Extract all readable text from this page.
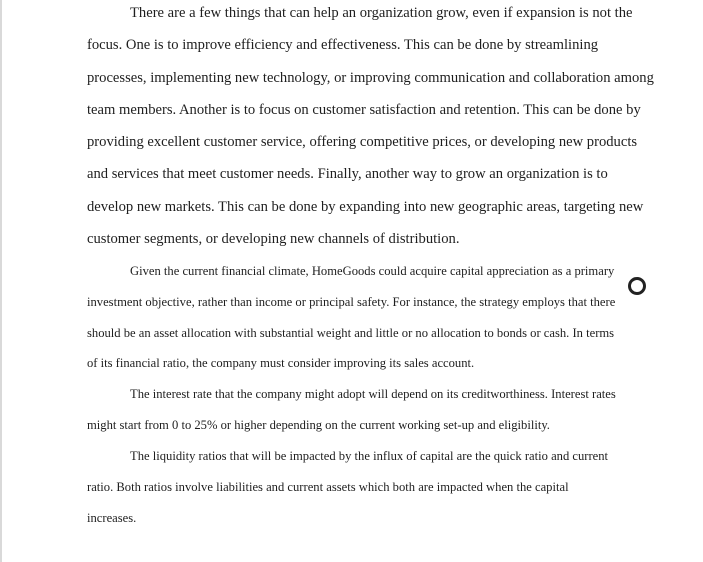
There are a few things that can help an organization grow, even if expansion is not the
focus. One is to improve efficiency and effectiveness. This can be done by streamlining
processes, implementing new technology, or improving communication and collaboration among
team members. Another is to focus on customer satisfaction and retention. This can be done by
providing excellent customer service, offering competitive prices, or developing new products
and services that meet customer needs. Finally, another way to grow an organization is to
develop new markets. This can be done by expanding into new geographic areas, targeting new
customer segments, or developing new channels of distribution.
Given the current financial climate, HomeGoods could acquire capital appreciation as a primary
investment objective, rather than income or principal safety. For instance, the strategy employs that there
should be an asset allocation with substantial weight and little or no allocation to bonds or cash. In terms
of its financial ratio, the company must consider improving its sales account.
The interest rate that the company might adopt will depend on its creditworthiness. Interest rates
might start from 0 to 25% or higher depending on the current working set-up and eligibility.
The liquidity ratios that will be impacted by the influx of capital are the quick ratio and current
ratio. Both ratios involve liabilities and current assets which both are impacted when the capital
increases.
